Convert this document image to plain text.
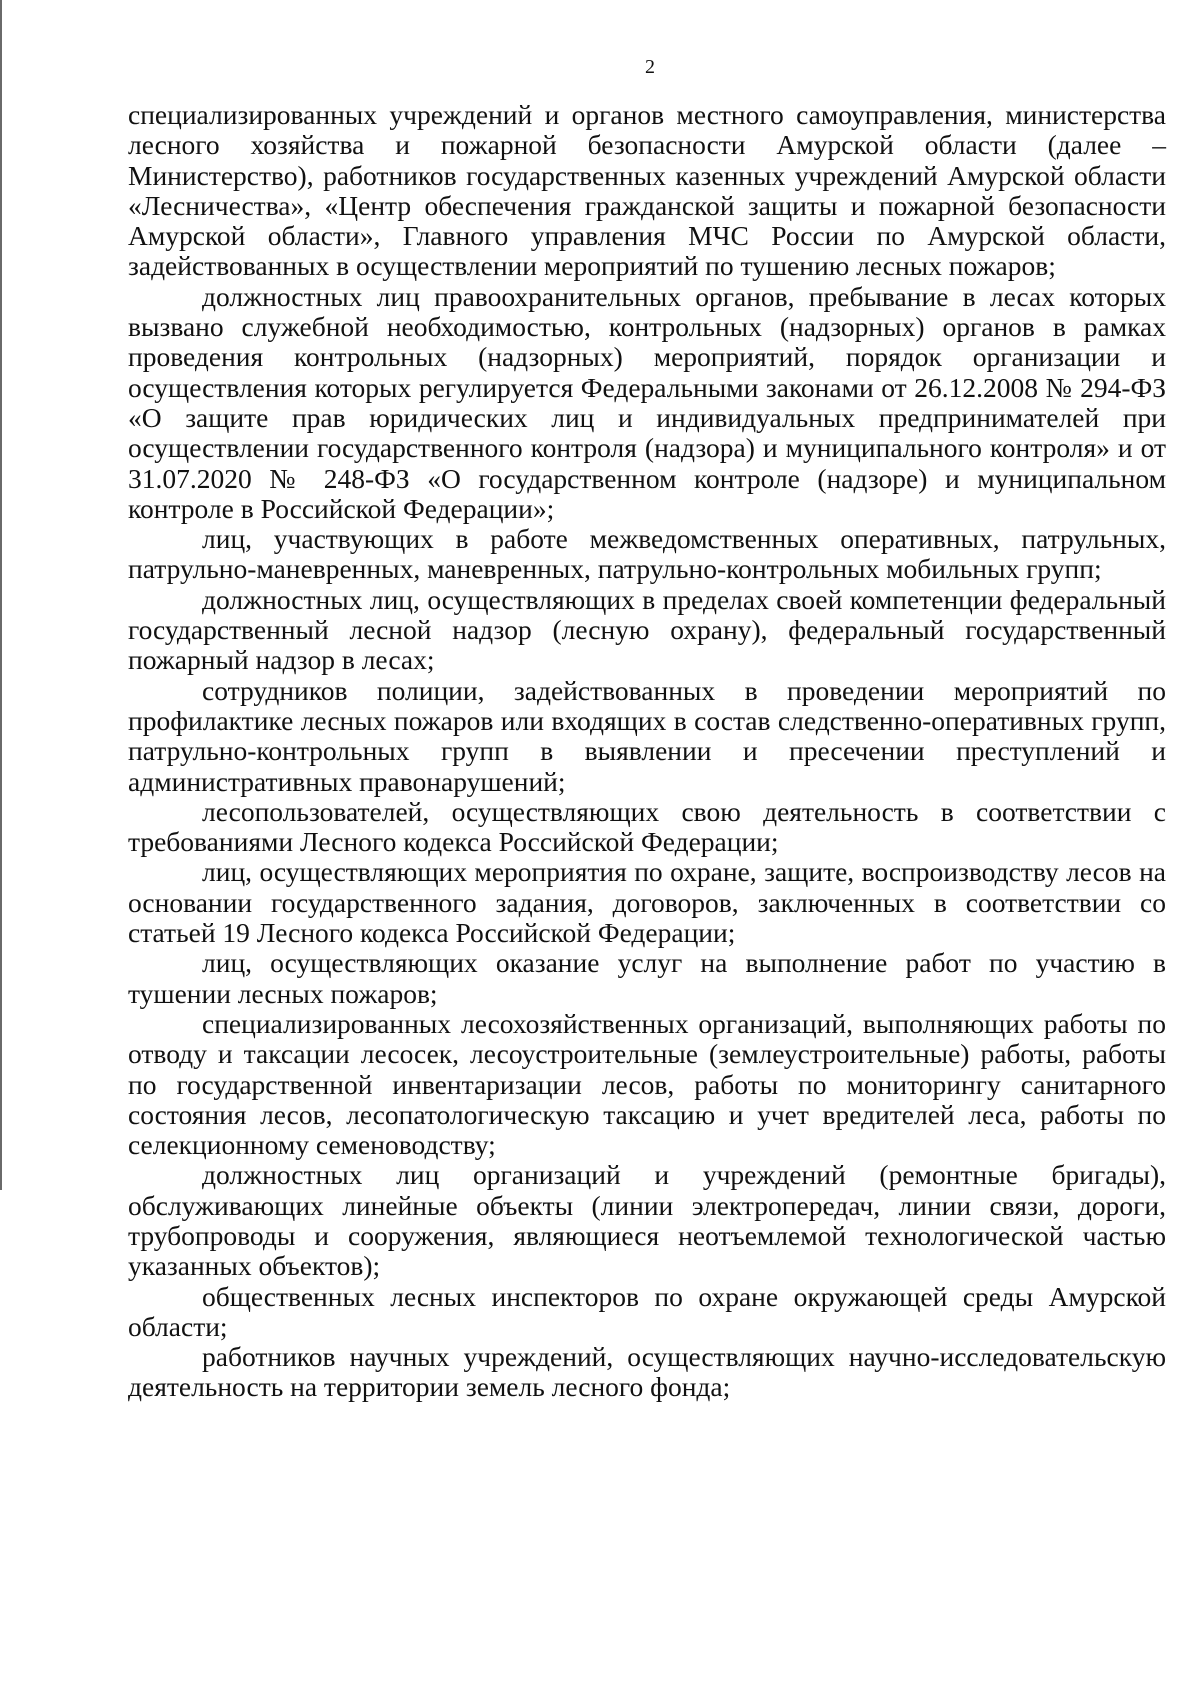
2

специализированных учреждений и органов местного самоуправления, министерства лесного хозяйства и пожарной безопасности Амурской области (далее – Министерство), работников государственных казенных учреждений Амурской области «Лесничества», «Центр обеспечения гражданской защиты и пожарной безопасности Амурской области», Главного управления МЧС России по Амурской области, задействованных в осуществлении мероприятий по тушению лесных пожаров;

должностных лиц правоохранительных органов, пребывание в лесах которых вызвано служебной необходимостью, контрольных (надзорных) органов в рамках проведения контрольных (надзорных) мероприятий, порядок организации и осуществления которых регулируется Федеральными законами от 26.12.2008 № 294-ФЗ «О защите прав юридических лиц и индивидуальных предпринимателей при осуществлении государственного контроля (надзора) и муниципального контроля» и от 31.07.2020 № 248-ФЗ «О государственном контроле (надзоре) и муниципальном контроле в Российской Федерации»;

лиц, участвующих в работе межведомственных оперативных, патрульных, патрульно-маневренных, маневренных, патрульно-контрольных мобильных групп;

должностных лиц, осуществляющих в пределах своей компетенции федеральный государственный лесной надзор (лесную охрану), федеральный государственный пожарный надзор в лесах;

сотрудников полиции, задействованных в проведении мероприятий по профилактике лесных пожаров или входящих в состав следственно-оперативных групп, патрульно-контрольных групп в выявлении и пресечении преступлений и административных правонарушений;

лесопользователей, осуществляющих свою деятельность в соответствии с требованиями Лесного кодекса Российской Федерации;

лиц, осуществляющих мероприятия по охране, защите, воспроизводству лесов на основании государственного задания, договоров, заключенных в соответствии со статьей 19 Лесного кодекса Российской Федерации;

лиц, осуществляющих оказание услуг на выполнение работ по участию в тушении лесных пожаров;

специализированных лесохозяйственных организаций, выполняющих работы по отводу и таксации лесосек, лесоустроительные (землеустроительные) работы, работы по государственной инвентаризации лесов, работы по мониторингу санитарного состояния лесов, лесопатологическую таксацию и учет вредителей леса, работы по селекционному семеноводству;

должностных лиц организаций и учреждений (ремонтные бригады), обслуживающих линейные объекты (линии электропередач, линии связи, дороги, трубопроводы и сооружения, являющиеся неотъемлемой технологической частью указанных объектов);

общественных лесных инспекторов по охране окружающей среды Амурской области;

работников научных учреждений, осуществляющих научно-исследовательскую деятельность на территории земель лесного фонда;
